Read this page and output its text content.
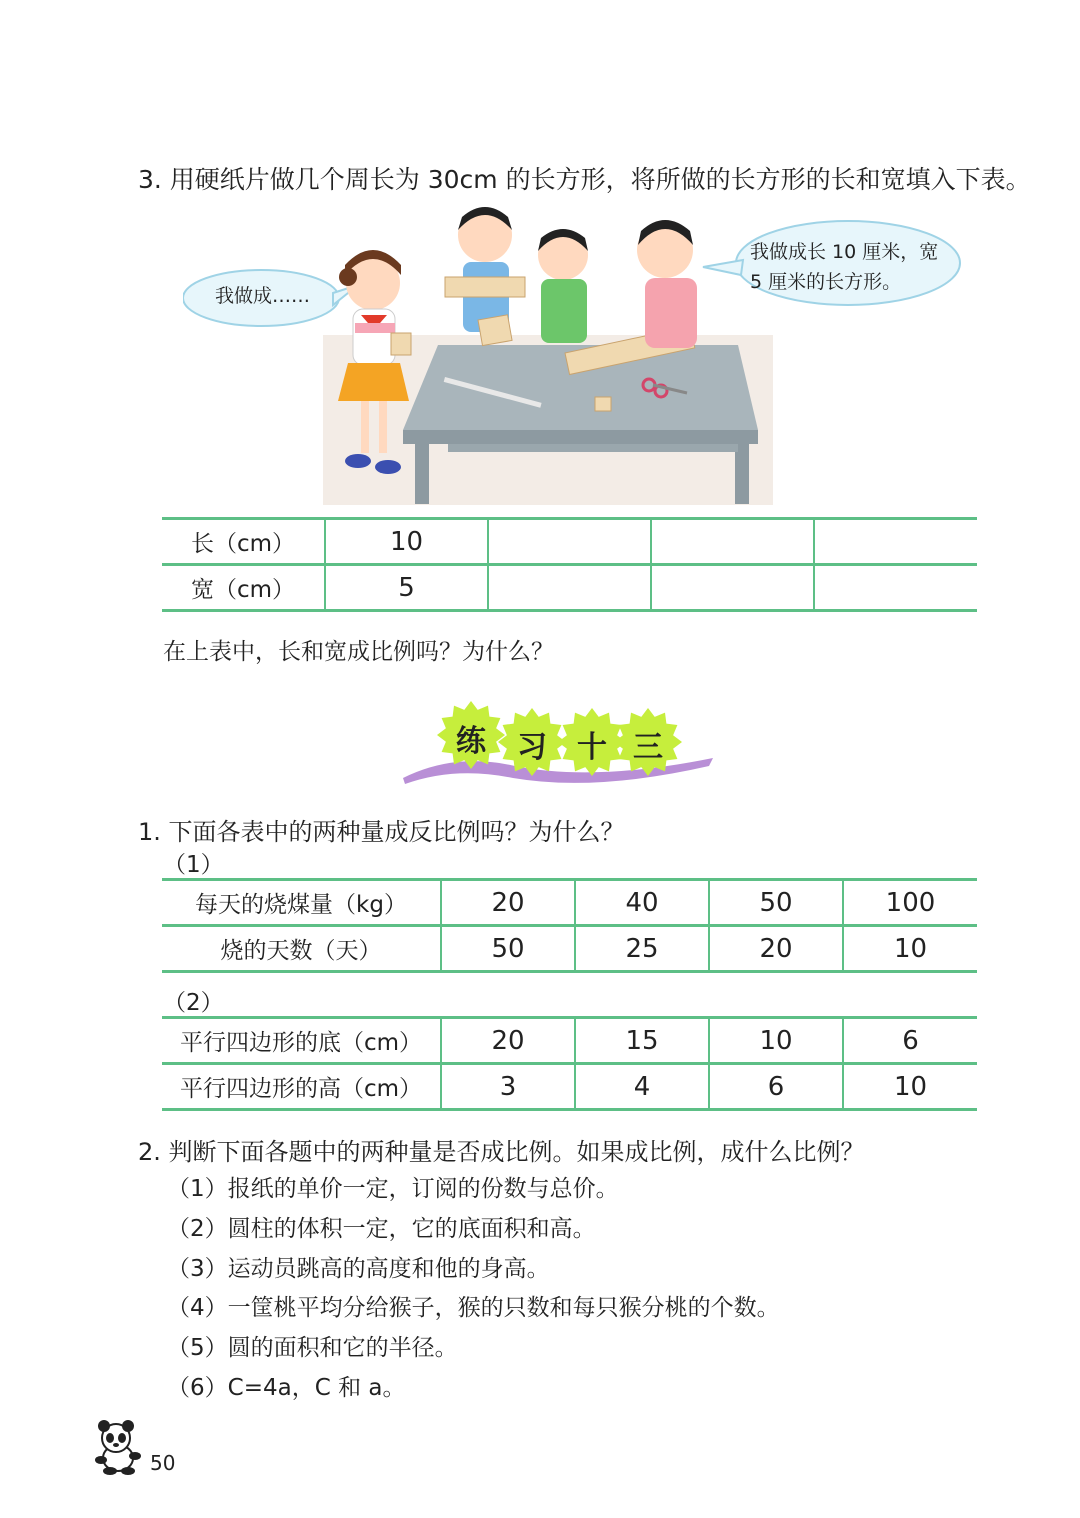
3. 用硬纸片做几个周长为 30cm 的长方形，将所做的长方形的长和宽填入下表。
我做成……
我做成长 10 厘米，宽
5 厘米的长方形。
长（cm）	10			
宽（cm）	5			
在上表中，长和宽成比例吗？为什么？
练 习 十 三
1. 下面各表中的两种量成反比例吗？为什么？
（1）
每天的烧煤量（kg）	20	40	50	100
烧的天数（天）	50	25	20	10
（2）
平行四边形的底（cm）	20	15	10	6
平行四边形的高（cm）	3	4	6	10
2. 判断下面各题中的两种量是否成比例。如果成比例，成什么比例？
（1）报纸的单价一定，订阅的份数与总价。
（2）圆柱的体积一定，它的底面积和高。
（3）运动员跳高的高度和他的身高。
（4）一筐桃平均分给猴子，猴的只数和每只猴分桃的个数。
（5）圆的面积和它的半径。
（6）C=4a，C 和 a。
50
